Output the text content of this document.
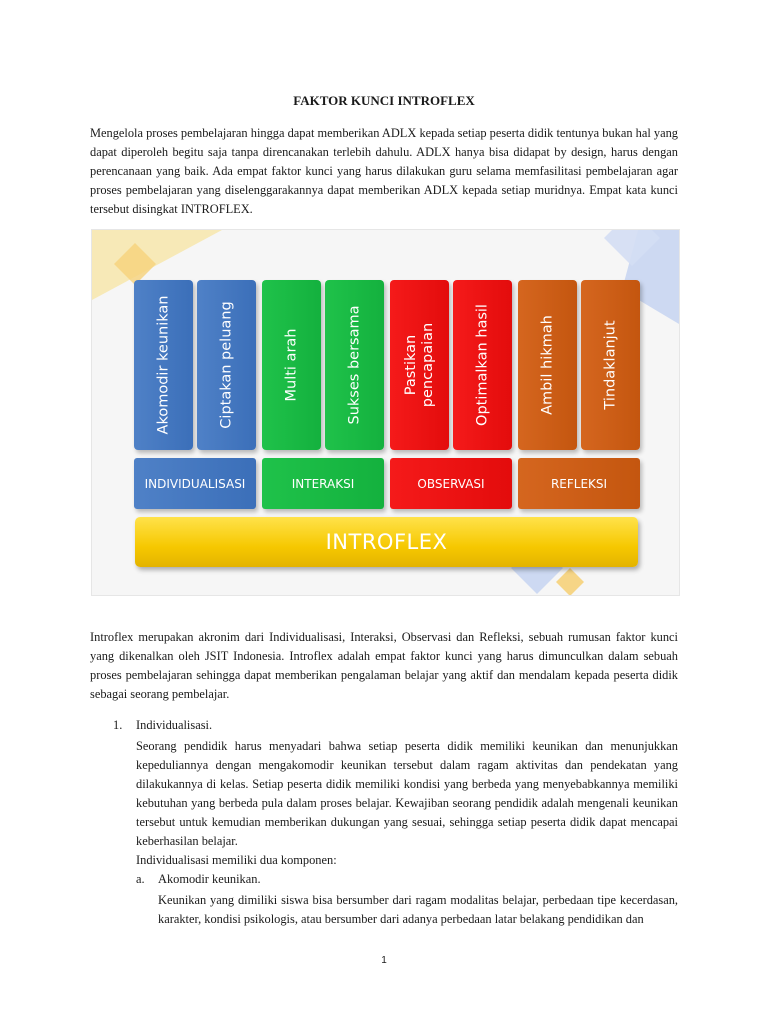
FAKTOR KUNCI INTROFLEX
Mengelola proses pembelajaran hingga dapat memberikan ADLX kepada setiap peserta didik tentunya bukan hal yang dapat diperoleh begitu saja tanpa direncanakan terlebih dahulu. ADLX hanya bisa didapat by design, harus dengan perencanaan yang baik. Ada empat faktor kunci yang harus dilakukan guru selama memfasilitasi pembelajaran agar proses pembelajaran yang diselenggarakannya dapat memberikan ADLX kepada setiap muridnya. Empat kata kunci tersebut disingkat INTROFLEX.
Akomodir keunikan	Ciptakan peluang	Multi arah	Sukses bersama	Pastikan pencapaian	Optimalkan hasil	Ambil hikmah	Tindaklanjut
INDIVIDUALISASI	INTERAKSI	OBSERVASI	REFLEKSI
INTROFLEX
Introflex merupakan akronim dari Individualisasi, Interaksi, Observasi dan Refleksi, sebuah rumusan faktor kunci yang dikenalkan oleh JSIT Indonesia. Introflex adalah empat faktor kunci yang harus dimunculkan dalam sebuah proses pembelajaran sehingga dapat memberikan pengalaman belajar yang aktif dan mendalam kepada peserta didik sebagai seorang pembelajar.
1. Individualisasi.
Seorang pendidik harus menyadari bahwa setiap peserta didik memiliki keunikan dan menunjukkan kepeduliannya dengan mengakomodir keunikan tersebut dalam ragam aktivitas dan pendekatan yang dilakukannya di kelas. Setiap peserta didik memiliki kondisi yang berbeda yang menyebabkannya memiliki kebutuhan yang berbeda pula dalam proses belajar. Kewajiban seorang pendidik adalah mengenali keunikan tersebut untuk kemudian memberikan dukungan yang sesuai, sehingga setiap peserta didik dapat mencapai keberhasilan belajar.
Individualisasi memiliki dua komponen:
a. Akomodir keunikan.
Keunikan yang dimiliki siswa bisa bersumber dari ragam modalitas belajar, perbedaan tipe kecerdasan, karakter, kondisi psikologis, atau bersumber dari adanya perbedaan latar belakang pendidikan dan
1
